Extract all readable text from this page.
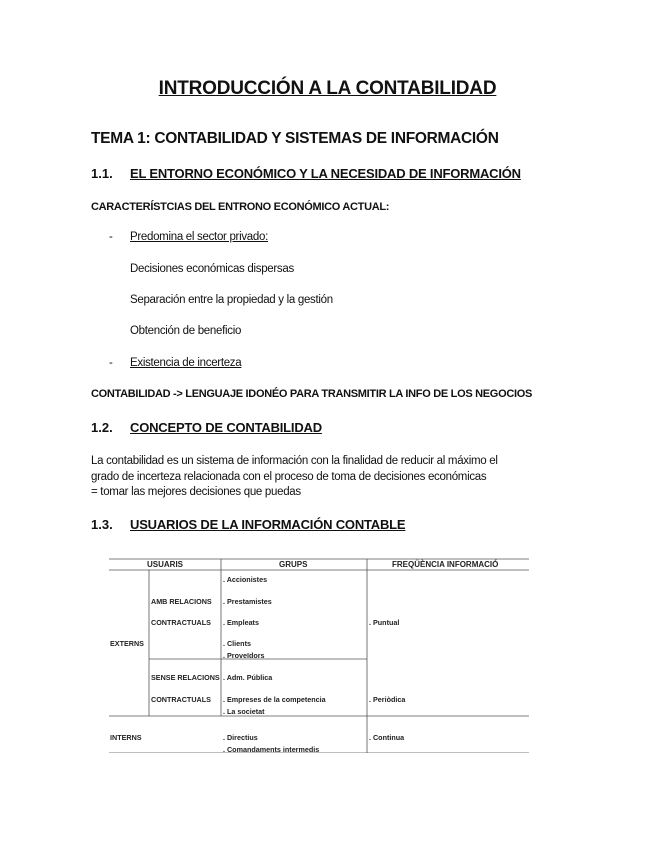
INTRODUCCIÓN A LA CONTABILIDAD
TEMA 1: CONTABILIDAD Y SISTEMAS DE INFORMACIÓN
1.1. EL ENTORNO ECONÓMICO Y LA NECESIDAD DE INFORMACIÓN
CARACTERÍSTCIAS DEL ENTRONO ECONÓMICO ACTUAL:
- Predomina el sector privado:
Decisiones económicas dispersas
Separación entre la propiedad y la gestión
Obtención de beneficio
- Existencia de incerteza
CONTABILIDAD -> LENGUAJE IDONÉO PARA TRANSMITIR LA INFO DE LOS NEGOCIOS
1.2. CONCEPTO DE CONTABILIDAD
La contabilidad es un sistema de información con la finalidad de reducir al máximo el
grado de incerteza relacionada con el proceso de toma de decisiones económicas
= tomar las mejores decisiones que puedas
1.3. USUARIOS DE LA INFORMACIÓN CONTABLE
USUARIS	GRUPS	FREQÜÈNCIA INFORMACIÓ
EXTERNS
INTERNS
AMB RELACIONS
CONTRACTUALS
SENSE RELACIONS
CONTRACTUALS
. Accionistes
. Prestamistes
. Empleats
. Clients
. Proveïdors
. Adm. Pública
. Empreses de la competencia
. La societat
. Directius
. Comandaments intermedis
. Puntual
. Periòdica
. Continua
